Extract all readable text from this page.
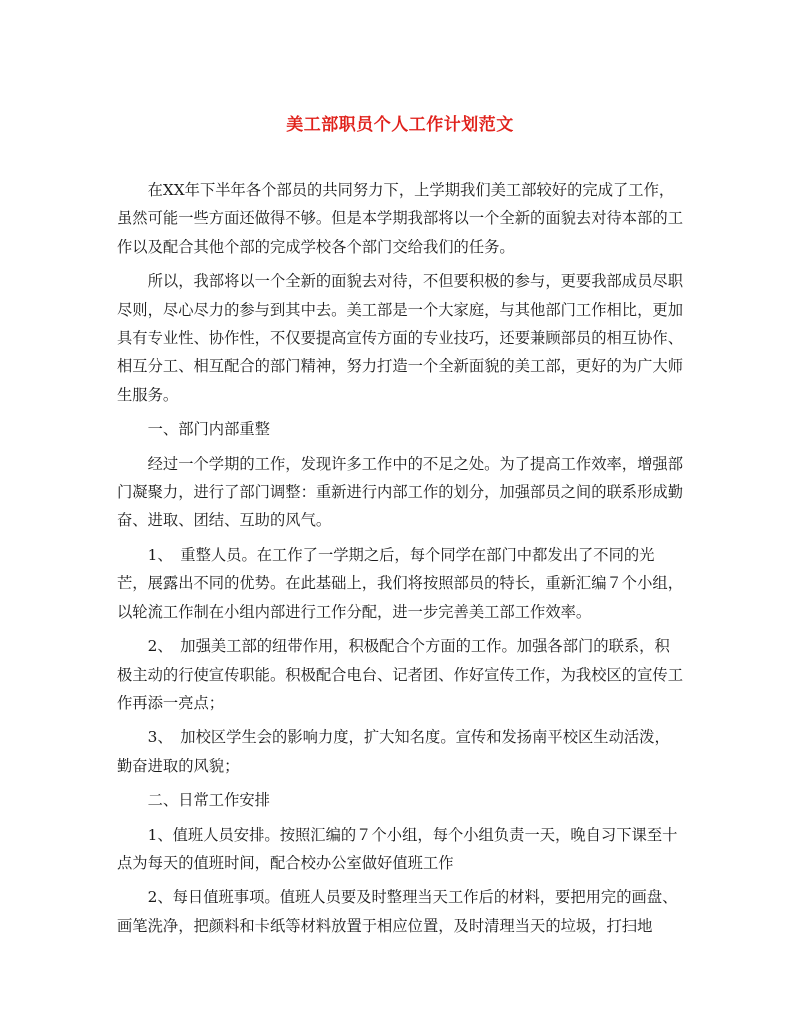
美工部职员个人工作计划范文

在XX年下半年各个部员的共同努力下，上学期我们美工部较好的完成了工作，虽然可能一些方面还做得不够。但是本学期我部将以一个全新的面貌去对待本部的工作以及配合其他个部的完成学校各个部门交给我们的任务。

所以，我部将以一个全新的面貌去对待，不但要积极的参与，更要我部成员尽职尽则，尽心尽力的参与到其中去。美工部是一个大家庭，与其他部门工作相比，更加具有专业性、协作性，不仅要提高宣传方面的专业技巧，还要兼顾部员的相互协作、相互分工、相互配合的部门精神，努力打造一个全新面貌的美工部，更好的为广大师生服务。

一、部门内部重整

经过一个学期的工作，发现许多工作中的不足之处。为了提高工作效率，增强部门凝聚力，进行了部门调整：重新进行内部工作的划分，加强部员之间的联系形成勤奋、进取、团结、互助的风气。

1、　重整人员。在工作了一学期之后，每个同学在部门中都发出了不同的光芒，展露出不同的优势。在此基础上，我们将按照部员的特长，重新汇编７个小组，以轮流工作制在小组内部进行工作分配，进一步完善美工部工作效率。

2、　加强美工部的纽带作用，积极配合个方面的工作。加强各部门的联系，积极主动的行使宣传职能。积极配合电台、记者团、作好宣传工作，为我校区的宣传工作再添一亮点；

3、　加校区学生会的影响力度，扩大知名度。宣传和发扬南平校区生动活泼，勤奋进取的风貌；

二、日常工作安排

1、值班人员安排。按照汇编的７个小组，每个小组负责一天，晚自习下课至十点为每天的值班时间，配合校办公室做好值班工作

2、每日值班事项。值班人员要及时整理当天工作后的材料，要把用完的画盘、画笔洗净，把颜料和卡纸等材料放置于相应位置，及时清理当天的垃圾，打扫地
